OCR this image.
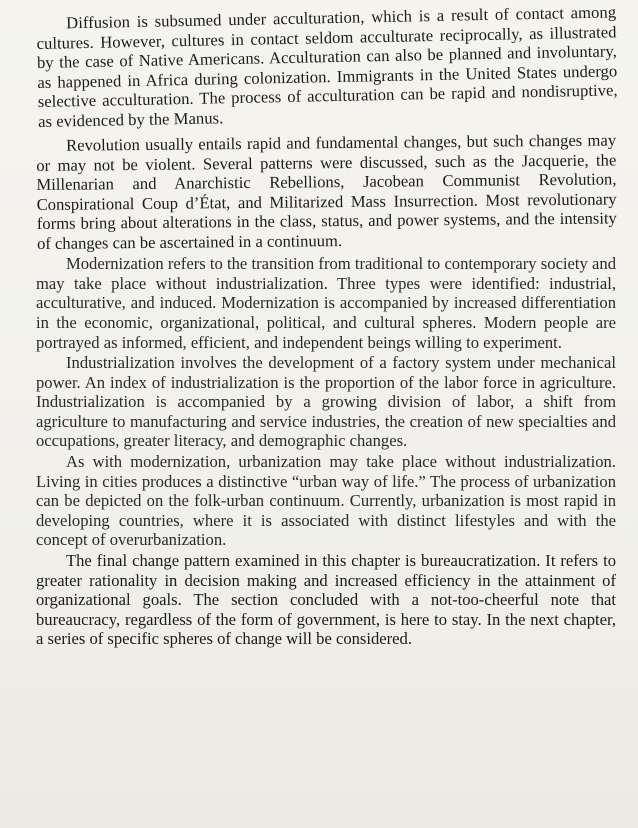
Diffusion is subsumed under acculturation, which is a result of contact among cultures. However, cultures in contact seldom acculturate reciprocally, as illustrated by the case of Native Americans. Acculturation can also be planned and involuntary, as happened in Africa during colonization. Immigrants in the United States undergo selective acculturation. The process of acculturation can be rapid and nondisruptive, as evidenced by the Manus.

Revolution usually entails rapid and fundamental changes, but such changes may or may not be violent. Several patterns were discussed, such as the Jacquerie, the Millenarian and Anarchistic Rebellions, Jacobean Communist Revolution, Conspirational Coup d’État, and Militarized Mass Insurrection. Most revolutionary forms bring about alterations in the class, status, and power systems, and the intensity of changes can be ascertained in a continuum.

Modernization refers to the transition from traditional to contemporary society and may take place without industrialization. Three types were identified: industrial, acculturative, and induced. Modernization is accompanied by increased differentiation in the economic, organizational, political, and cultural spheres. Modern people are portrayed as informed, efficient, and independent beings willing to experiment.

Industrialization involves the development of a factory system under mechanical power. An index of industrialization is the proportion of the labor force in agriculture. Industrialization is accompanied by a growing division of labor, a shift from agriculture to manufacturing and service industries, the creation of new specialties and occupations, greater literacy, and demographic changes.

As with modernization, urbanization may take place without industrialization. Living in cities produces a distinctive “urban way of life.” The process of urbanization can be depicted on the folk-urban continuum. Currently, urbanization is most rapid in developing countries, where it is associated with distinct lifestyles and with the concept of overurbanization.

The final change pattern examined in this chapter is bureaucratization. It refers to greater rationality in decision making and increased efficiency in the attainment of organizational goals. The section concluded with a not-too-cheerful note that bureaucracy, regardless of the form of government, is here to stay. In the next chapter, a series of specific spheres of change will be considered.
